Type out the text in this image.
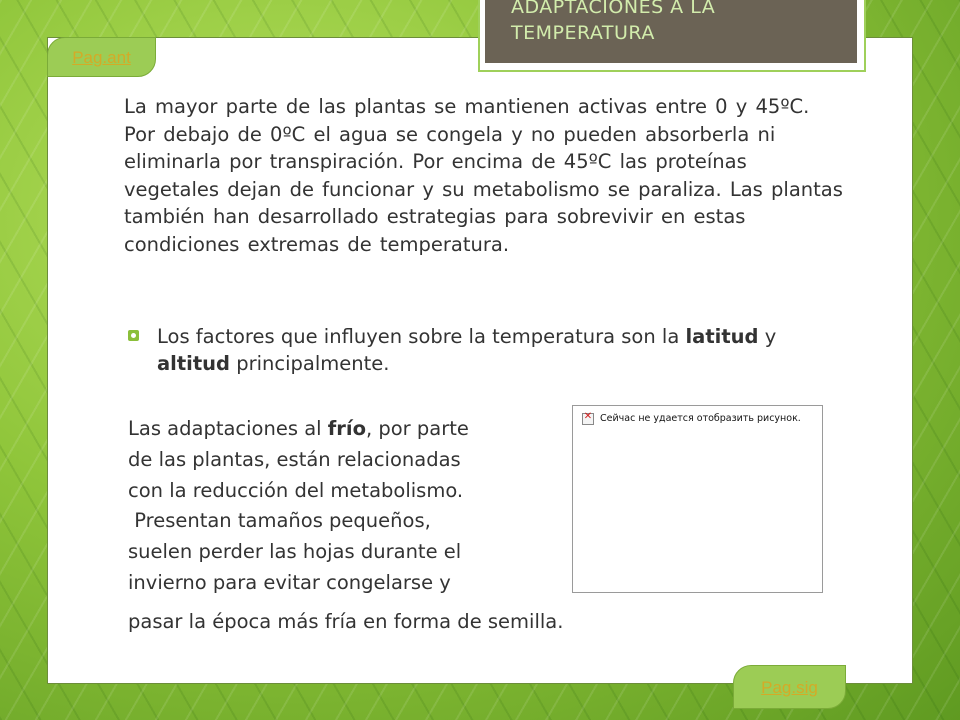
ADAPTACIONES A LA
TEMPERATURA
Pag.ant

La mayor parte de las plantas se mantienen activas entre 0 y 45ºC. Por debajo de 0ºC el agua se congela y no pueden absorberla ni eliminarla por transpiración. Por encima de 45ºC las proteínas vegetales dejan de funcionar y su metabolismo se paraliza. Las plantas también han desarrollado estrategias para sobrevivir en estas condiciones extremas de temperatura.

Los factores que influyen sobre la temperatura son la latitud y altitud principalmente.
Las adaptaciones al frío, por parte
de las plantas, están relacionadas
con la reducción del metabolismo.
Presentan tamaños pequeños,
suelen perder las hojas durante el
invierno para evitar congelarse y
pasar la época más fría en forma de semilla.
✕
Сейчас не удается отобразить рисунок.
Pag.sig
